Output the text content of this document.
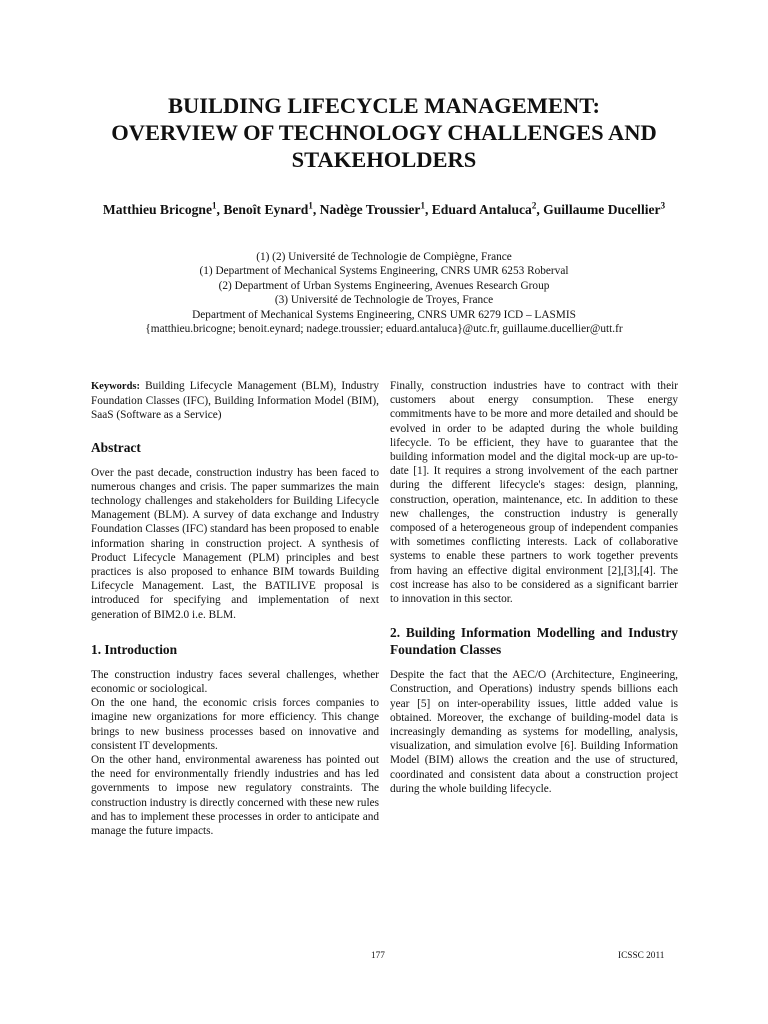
BUILDING LIFECYCLE MANAGEMENT:
OVERVIEW OF TECHNOLOGY CHALLENGES AND
STAKEHOLDERS
Matthieu Bricogne$^1$, Benoît Eynard$^1$, Nadège Troussier$^1$, Eduard Antaluca$^2$, Guillaume Ducellier$^3$
(1) (2) Université de Technologie de Compiègne, France
(1) Department of Mechanical Systems Engineering, CNRS UMR 6253 Roberval
(2) Department of Urban Systems Engineering, Avenues Research Group
(3) Université de Technologie de Troyes, France
Department of Mechanical Systems Engineering, CNRS UMR 6279 ICD – LASMIS
{matthieu.bricogne; benoit.eynard; nadege.troussier; eduard.antaluca}@utc.fr, guillaume.ducellier@utt.fr

Keywords: Building Lifecycle Management (BLM), Industry Foundation Classes (IFC), Building Information Model (BIM), SaaS (Software as a Service)

Abstract

Over the past decade, construction industry has been faced to numerous changes and crisis. The paper summarizes the main technology challenges and stakeholders for Building Lifecycle Management (BLM). A survey of data exchange and Industry Foundation Classes (IFC) standard has been proposed to enable information sharing in construction project. A synthesis of Product Lifecycle Management (PLM) principles and best practices is also proposed to enhance BIM towards Building Lifecycle Management. Last, the BATILIVE proposal is introduced for specifying and implementation of next generation of BIM2.0 i.e. BLM.

1. Introduction

The construction industry faces several challenges, whether economic or sociological.

On the one hand, the economic crisis forces companies to imagine new organizations for more efficiency. This change brings to new business processes based on innovative and consistent IT developments.

On the other hand, environmental awareness has pointed out the need for environmentally friendly industries and has led governments to impose new regulatory constraints. The construction industry is directly concerned with these new rules and has to implement these processes in order to anticipate and manage the future impacts.

Finally, construction industries have to contract with their customers about energy consumption. These energy commitments have to be more and more detailed and should be evolved in order to be adapted during the whole building lifecycle. To be efficient, they have to guarantee that the building information model and the digital mock-up are up-to-date [1]. It requires a strong involvement of the each partner during the different lifecycle's stages: design, planning, construction, operation, maintenance, etc. In addition to these new challenges, the construction industry is generally composed of a heterogeneous group of independent companies with sometimes conflicting interests. Lack of collaborative systems to enable these partners to work together prevents from having an effective digital environment [2],[3],[4]. The cost increase has also to be considered as a significant barrier to innovation in this sector.

2. Building Information Modelling and Industry Foundation Classes

Despite the fact that the AEC/O (Architecture, Engineering, Construction, and Operations) industry spends billions each year [5] on inter-operability issues, little added value is obtained. Moreover, the exchange of building-model data is increasingly demanding as systems for modelling, analysis, visualization, and simulation evolve [6]. Building Information Model (BIM) allows the creation and the use of structured, coordinated and consistent data about a construction project during the whole building lifecycle.

177	ICSSC 2011
